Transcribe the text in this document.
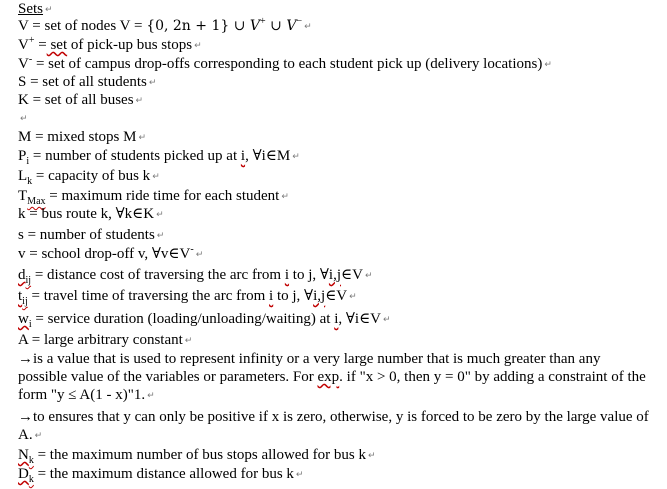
Sets ↵
V = set of nodes V = {0, 2n + 1} ∪ V+ ∪ V− ↵
V+ = set of pick-up bus stops ↵
V- = set of campus drop-offs corresponding to each student pick up (delivery locations) ↵
S = set of all students ↵
K = set of all buses ↵
↵
M = mixed stops M ↵
$P_i$ = number of students picked up at i, ∀i∈M ↵
$L_k$ = capacity of bus k ↵
$T_{Max}$ = maximum ride time for each student ↵
k = bus route k, ∀k∈K ↵
s = number of students ↵
v = school drop-off v, ∀v∈V- ↵
$d_{ij}$ = distance cost of traversing the arc from i to j, ∀i,j∈V ↵
$t_{ij}$ = travel time of traversing the arc from i to j, ∀i,j∈V ↵
$w_i$ = service duration (loading/unloading/waiting) at i, ∀i∈V ↵
A = large arbitrary constant ↵
→is a value that is used to represent infinity or a very large number that is much greater than any possible value of the variables or parameters. For exp. if "x > 0, then y = 0" by adding a constraint of the form "y ≤ A(1 - x)"1. ↵
→to ensures that y can only be positive if x is zero, otherwise, y is forced to be zero by the large value of A. ↵
$N_k$ = the maximum number of bus stops allowed for bus k ↵
$D_k$ = the maximum distance allowed for bus k ↵
